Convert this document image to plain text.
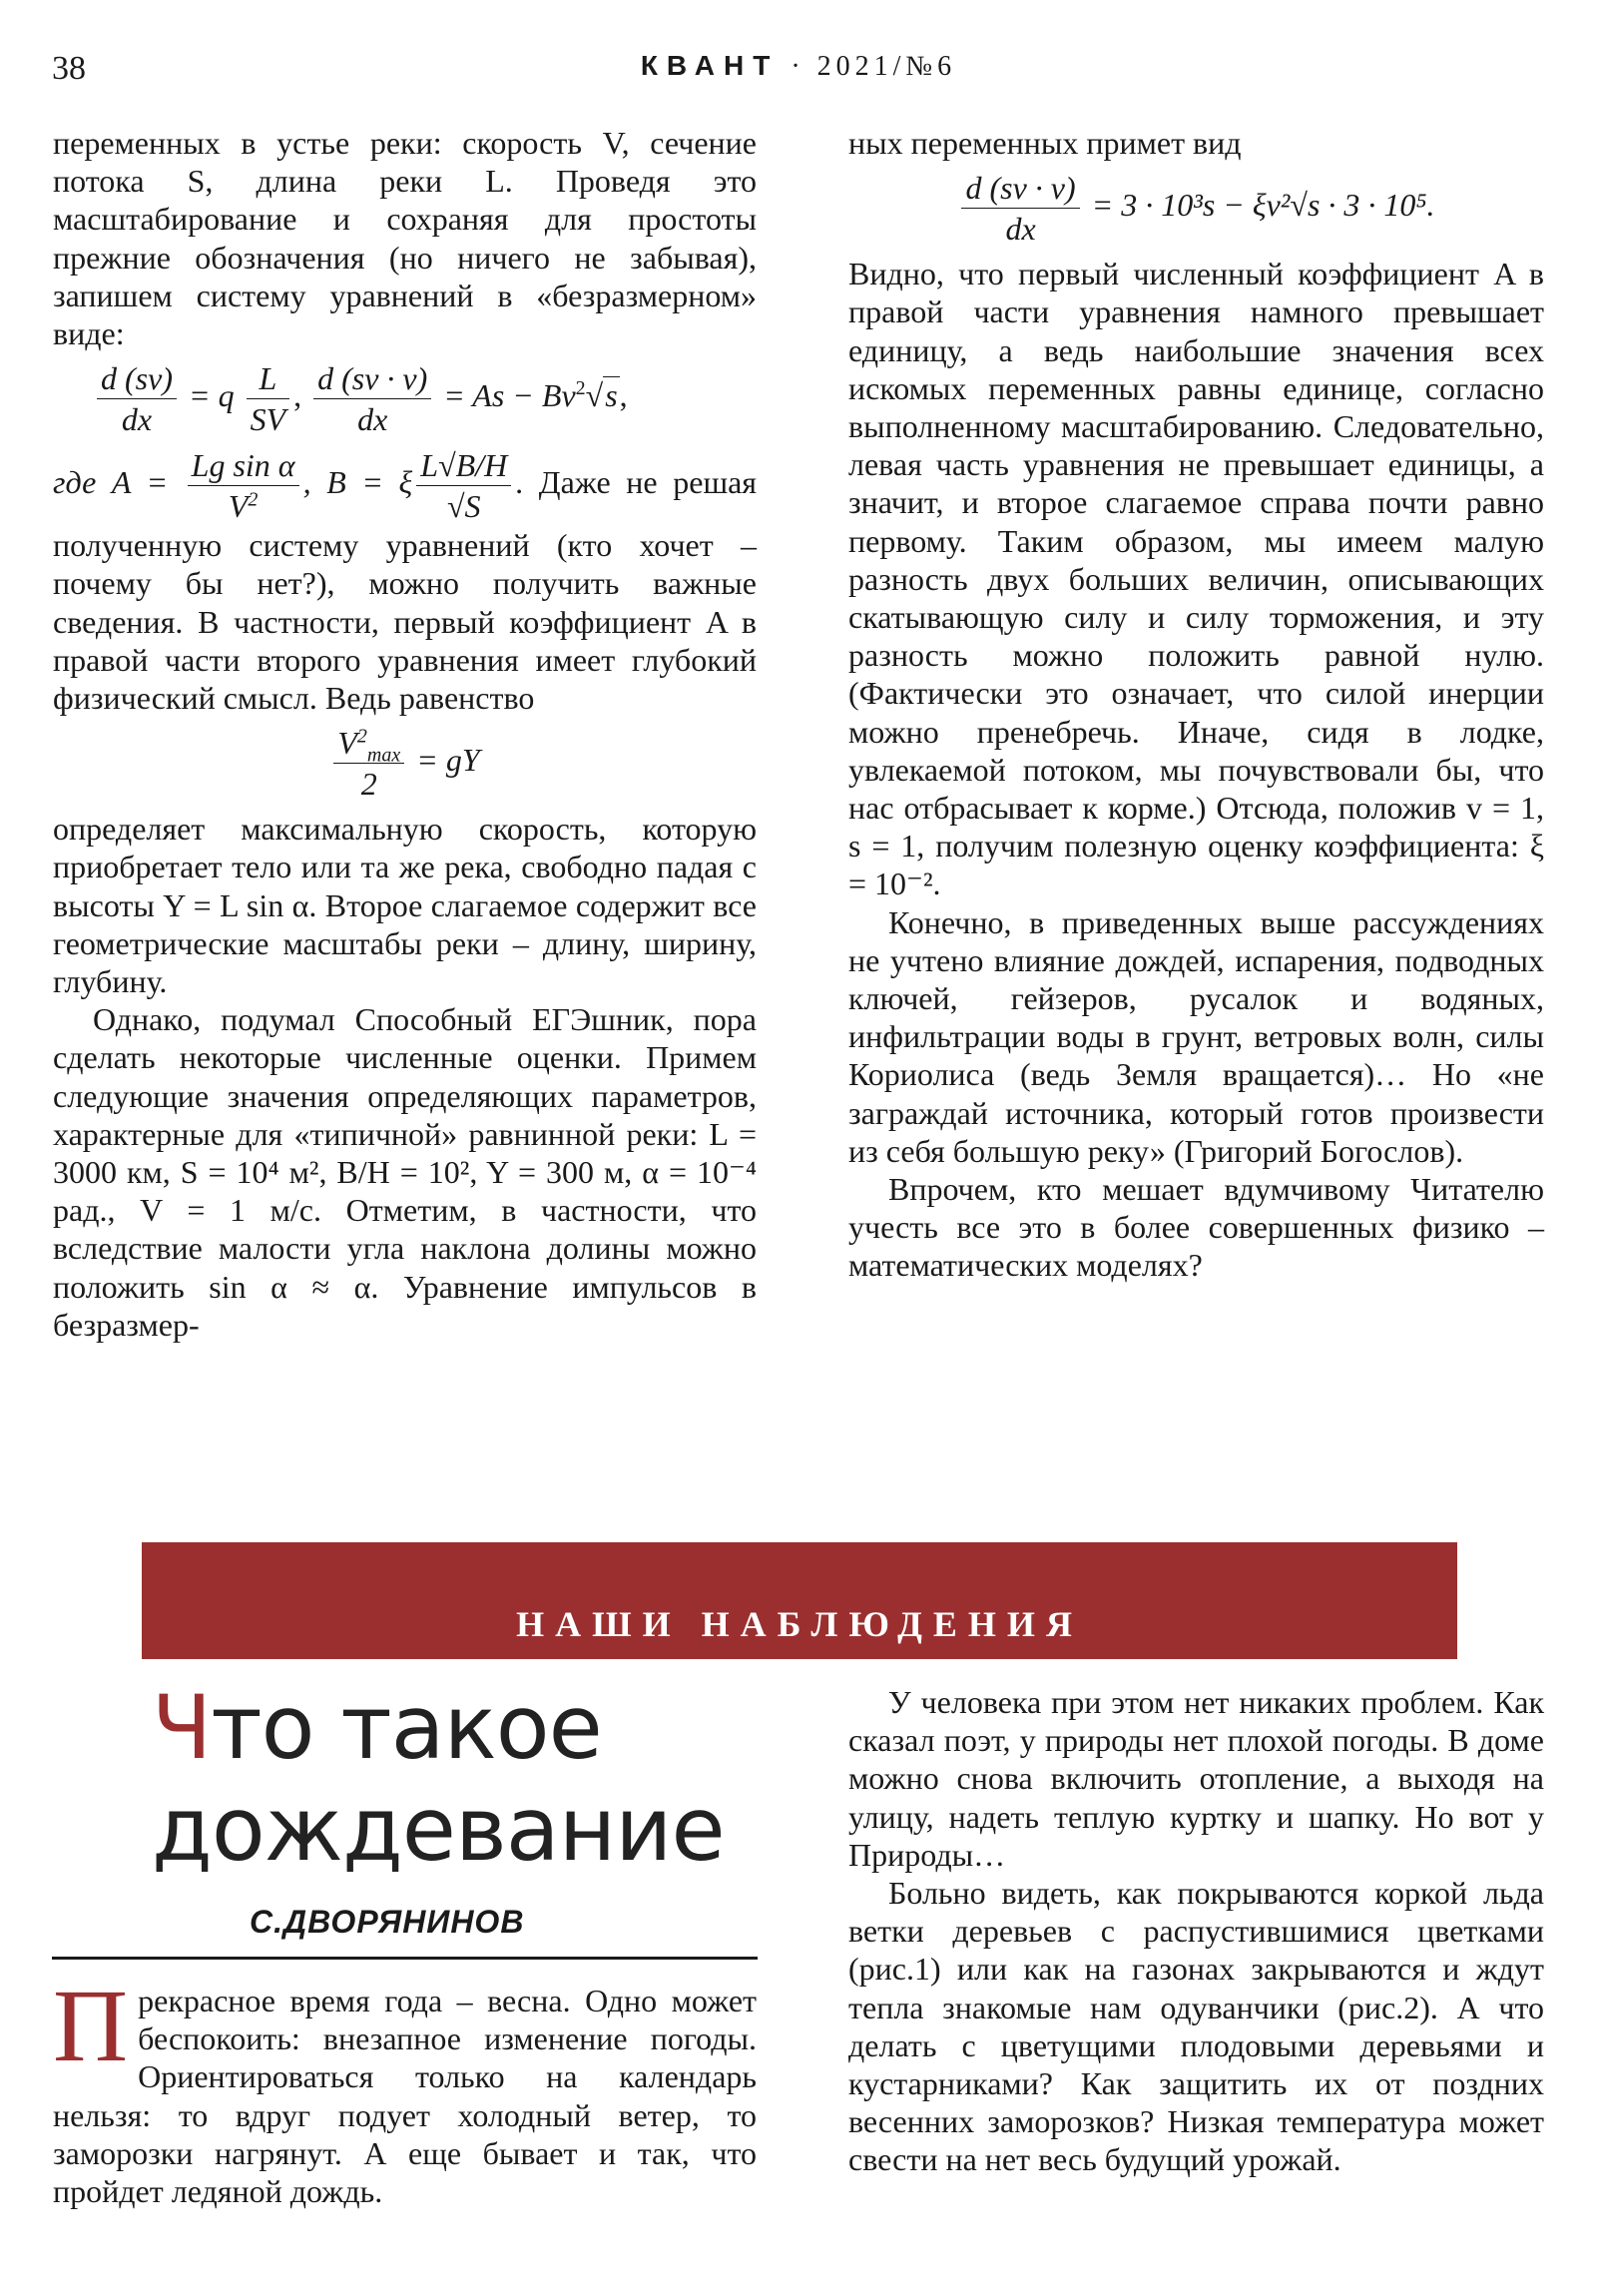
38	КВАНТ · 2021/№6

переменных в устье реки: скорость V, сечение потока S, длина реки L. Проведя это масштабирование и сохраняя для простоты прежние обозначения (но ничего не забывая), запишем систему уравнений в «безразмерном» виде:

$\frac{d (sv)}{dx} = q \frac{L}{SV}$ , $\frac{d (sv \cdot v)}{dx} = As - Bv^2√s$,

где $A = \frac{\text{Lg sin α}}{V^2}$ , B = ξ $\frac{L√B/H}{√S}$ . Даже не решая полученную систему уравнений (кто хочет – почему бы нет?), можно получить важные сведения. В частности, первый коэффициент A в правой части второго уравнения имеет глубокий физический смысл. Ведь равенство

$\frac{V^2_{max}}{2}$ = gY

определяет максимальную скорость, которую приобретает тело или та же река, свободно падая с высоты Y = L sin α. Второе слагаемое содержит все геометрические масштабы реки – длину, ширину, глубину.

Однако, подумал Способный ЕГЭшник, пора сделать некоторые численные оценки. Примем следующие значения определяющих параметров, характерные для «типичной» равнинной реки: L = 3000 км, S = 10⁴ м², B/H = 10², Y = 300 м, α = 10⁻⁴ рад., V = 1 м/с. Отметим, в частности, что вследствие малости угла наклона долины можно положить sin α ≈ α. Уравнение импульсов в безразмер-

ных переменных примет вид

$\frac{d (sv \cdot v)}{dx} = 3 \cdot 10^3s - \xi v^2√s \cdot 3 \cdot 10^5$.

Видно, что первый численный коэффициент A в правой части уравнения намного превышает единицу, а ведь наибольшие значения всех искомых переменных равны единице, согласно выполненному масштабированию. Следовательно, левая часть уравнения не превышает единицы, а значит, и второе слагаемое справа почти равно первому. Таким образом, мы имеем малую разность двух больших величин, описывающих скатывающую силу и силу торможения, и эту разность можно положить равной нулю. (Фактически это означает, что силой инерции можно пренебречь. Иначе, сидя в лодке, увлекаемой потоком, мы почувствовали бы, что нас отбрасывает к корме.) Отсюда, положив v = 1, s = 1, получим полезную оценку коэффициента: ξ = 10⁻².

Конечно, в приведенных выше рассуждениях не учтено влияние дождей, испарения, подводных ключей, гейзеров, русалок и водяных, инфильтрации воды в грунт, ветровых волн, силы Кориолиса (ведь Земля вращается)… Но «не заграждай источника, который готов произвести из себя большую реку» (Григорий Богослов).

Впрочем, кто мешает вдумчивому Читателю учесть все это в более совершенных физико – математических моделях?

НАШИ НАБЛЮДЕНИЯ
Что такое дождевание
С.ДВОРЯНИНОВ

Прекрасное время года – весна. Одно может беспокоить: внезапное изменение погоды. Ориентироваться только на календарь нельзя: то вдруг подует холодный ветер, то заморозки нагрянут. А еще бывает и так, что пройдет ледяной дождь.

У человека при этом нет никаких проблем. Как сказал поэт, у природы нет плохой погоды. В доме можно снова включить отопление, а выходя на улицу, надеть теплую куртку и шапку. Но вот у Природы…

Больно видеть, как покрываются коркой льда ветки деревьев с распустившимися цветками (рис.1) или как на газонах закрываются и ждут тепла знакомые нам одуванчики (рис.2). А что делать с цветущими плодовыми деревьями и кустарниками? Как защитить их от поздних весенних заморозков? Низкая температура может свести на нет весь будущий урожай.
